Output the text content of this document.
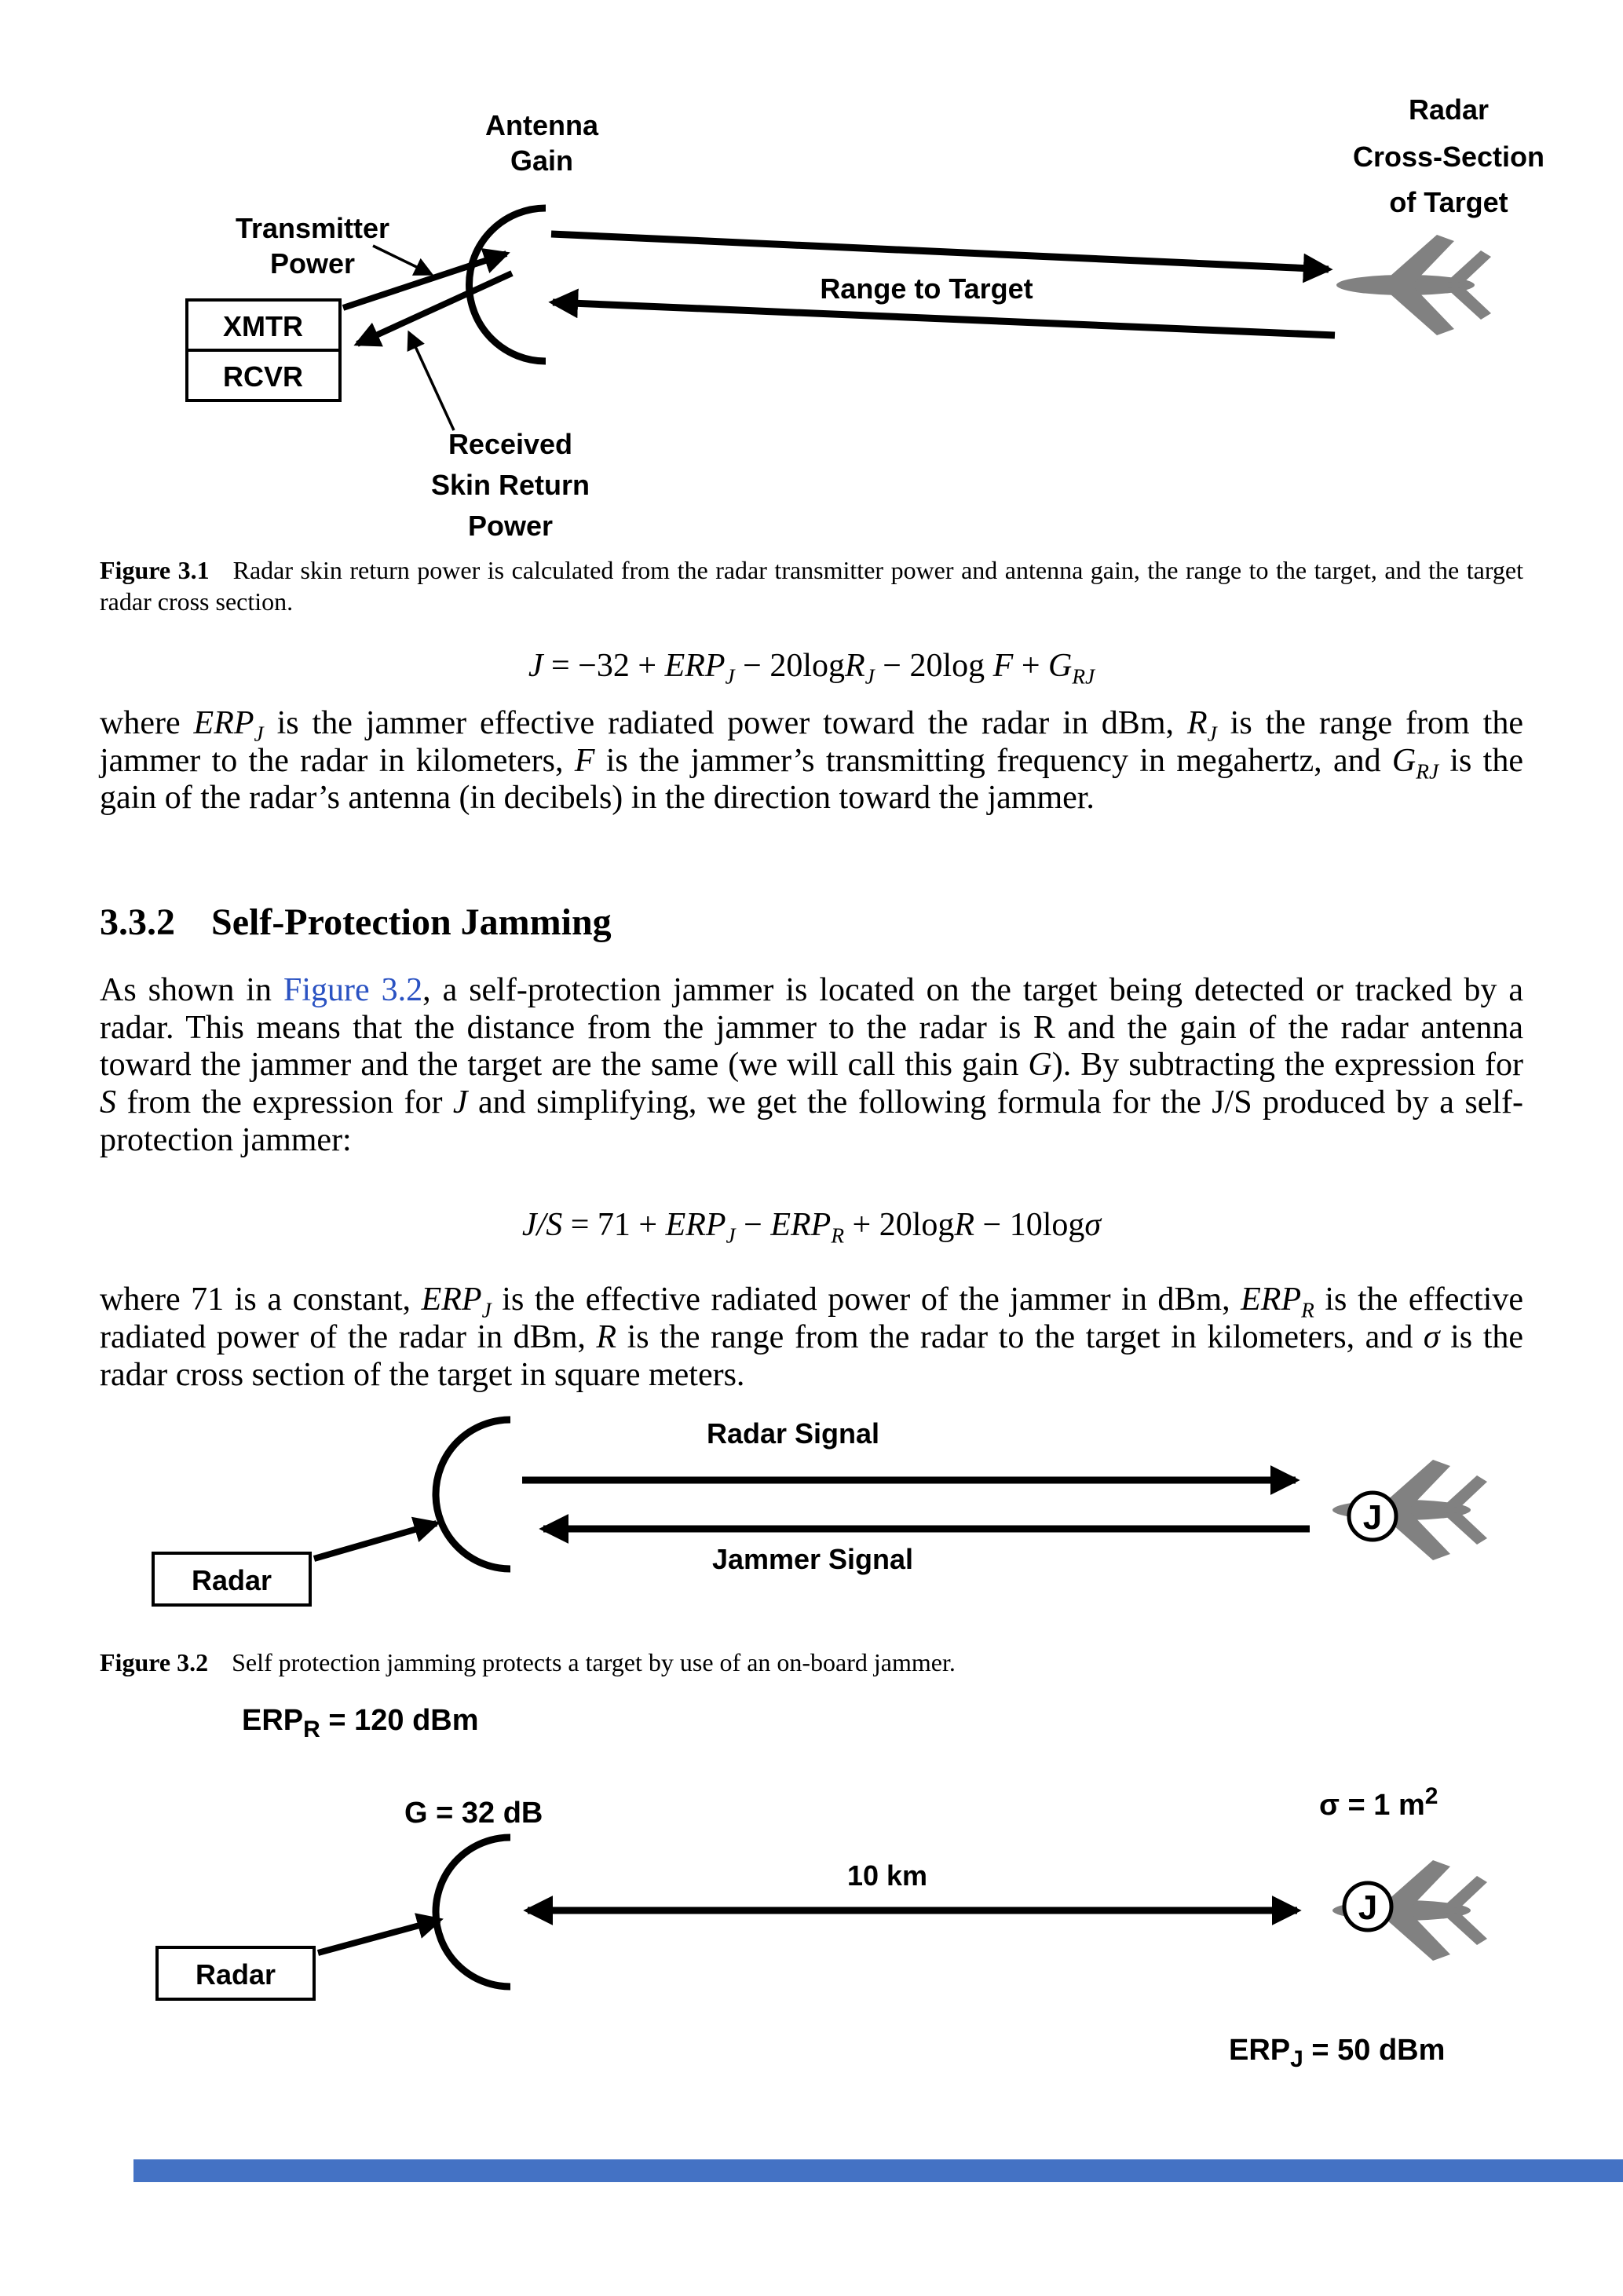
Antenna
Gain
Transmitter
Power
Radar
Cross-Section
of Target
Range to Target
XMTR
RCVR
Received
Skin Return
Power

Figure 3.1 Radar skin return power is calculated from the radar transmitter power and antenna gain, the range to the target, and the target radar cross section.

$J = -32 + ERP_J - 20\log R_J - 20\log$ $F + G_{RJ}$

where $ERP_J$ is the jammer effective radiated power toward the radar in dBm, $R_J$ is the range from the jammer to the radar in kilometers, F is the jammer’s transmitting frequency in megahertz, and $G_{RJ}$ is the gain of the radar’s antenna (in decibels) in the direction toward the jammer.

3.3.2 Self-Protection Jamming

As shown in Figure 3.2, a self-protection jammer is located on the target being detected or tracked by a radar. This means that the distance from the jammer to the radar is R and the gain of the radar antenna toward the jammer and the target are the same (we will call this gain G). By subtracting the expression for S from the expression for J and simplifying, we get the following formula for the J/S produced by a self-protection jammer:

$J/S = 71 + ERP_J - ERP_R + 20\log R - 10\log\sigma$

where 71 is a constant, $ERP_J$ is the effective radiated power of the jammer in dBm, $ERP_R$ is the effective radiated power of the radar in dBm, R is the range from the radar to the target in kilometers, and σ is the radar cross section of the target in square meters.

Radar Signal
Jammer Signal
Radar
J

Figure 3.2 Self protection jamming protects a target by use of an on-board jammer.

$ERP_R = 120$ dBm
G = 32 dB	σ = 1 $m^2$
10 km
Radar
J
$ERP_J = 50$ dBm
